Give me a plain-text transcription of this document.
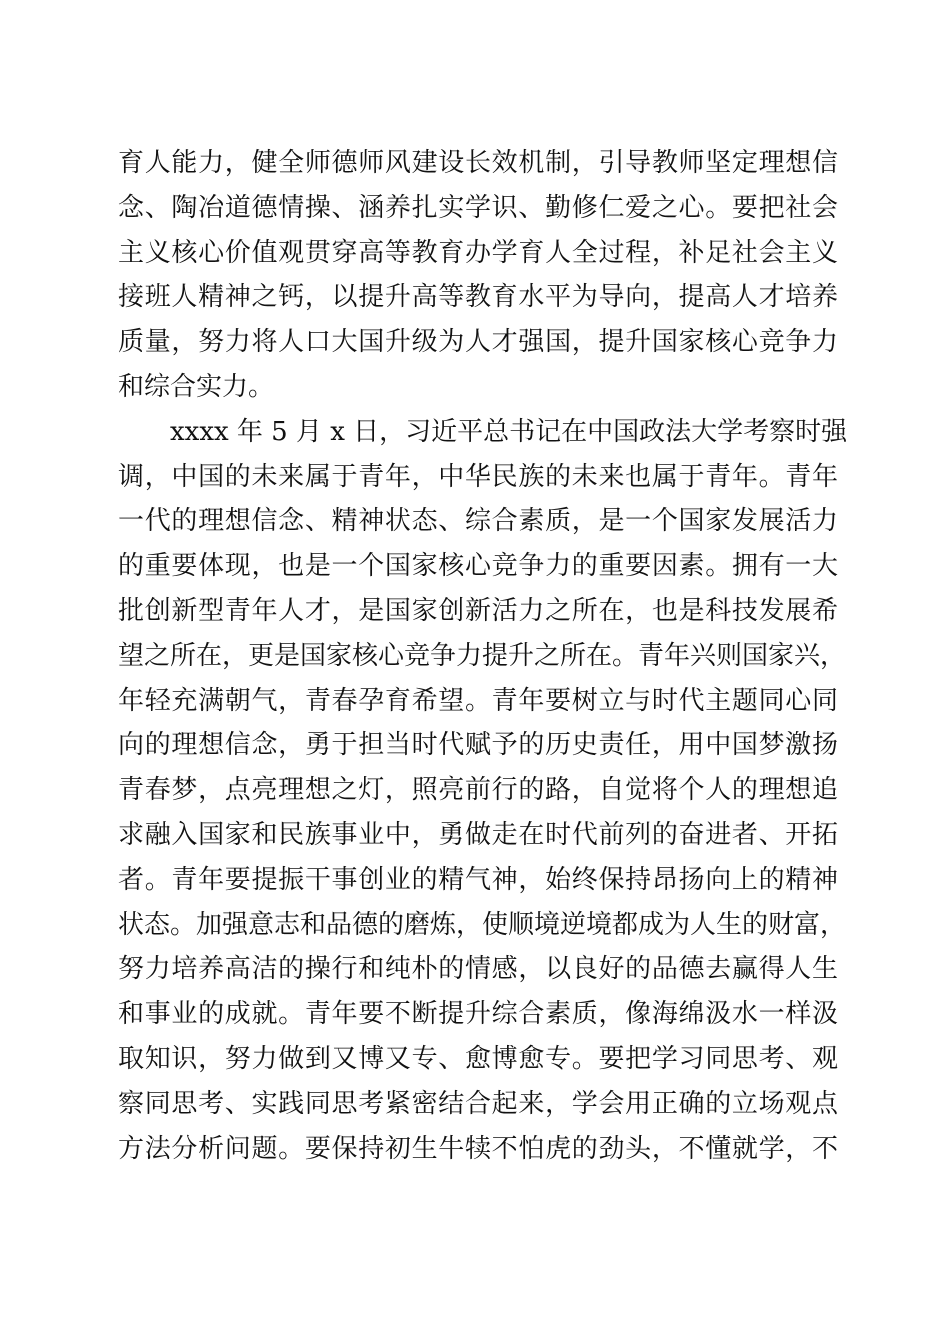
育人能力，健全师德师风建设长效机制，引导教师坚定理想信
念、陶冶道德情操、涵养扎实学识、勤修仁爱之心。要把社会
主义核心价值观贯穿高等教育办学育人全过程，补足社会主义
接班人精神之钙，以提升高等教育水平为导向，提高人才培养
质量，努力将人口大国升级为人才强国，提升国家核心竞争力
和综合实力。
xxxx 年 5 月 x 日，习近平总书记在中国政法大学考察时强
调，中国的未来属于青年，中华民族的未来也属于青年。青年
一代的理想信念、精神状态、综合素质，是一个国家发展活力
的重要体现，也是一个国家核心竞争力的重要因素。拥有一大
批创新型青年人才，是国家创新活力之所在，也是科技发展希
望之所在，更是国家核心竞争力提升之所在。青年兴则国家兴，
年轻充满朝气，青春孕育希望。青年要树立与时代主题同心同
向的理想信念，勇于担当时代赋予的历史责任，用中国梦激扬
青春梦，点亮理想之灯，照亮前行的路，自觉将个人的理想追
求融入国家和民族事业中，勇做走在时代前列的奋进者、开拓
者。青年要提振干事创业的精气神，始终保持昂扬向上的精神
状态。加强意志和品德的磨炼，使顺境逆境都成为人生的财富，
努力培养高洁的操行和纯朴的情感，以良好的品德去赢得人生
和事业的成就。青年要不断提升综合素质，像海绵汲水一样汲
取知识，努力做到又博又专、愈博愈专。要把学习同思考、观
察同思考、实践同思考紧密结合起来，学会用正确的立场观点
方法分析问题。要保持初生牛犊不怕虎的劲头，不懂就学，不
